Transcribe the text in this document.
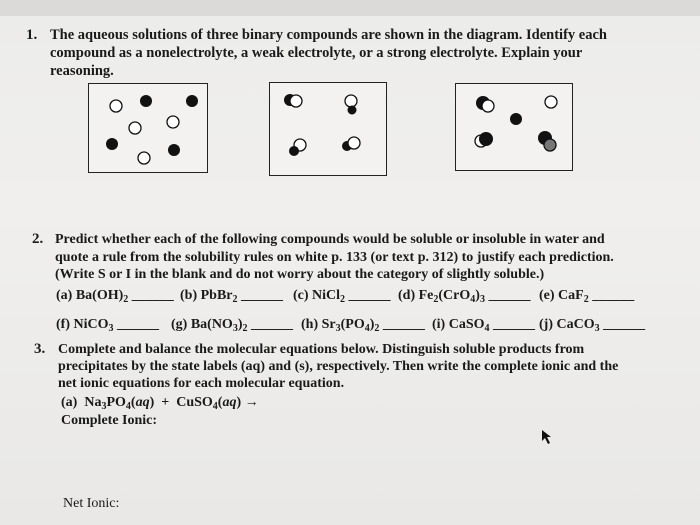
1. The aqueous solutions of three binary compounds are shown in the diagram. Identify each
compound as a nonelectrolyte, a weak electrolyte, or a strong electrolyte. Explain your
reasoning.
2. Predict whether each of the following compounds would be soluble or insoluble in water and
quote a rule from the solubility rules on white p. 133 (or text p. 312) to justify each prediction.
(Write S or I in the blank and do not worry about the category of slightly soluble.)
(a) $Ba(OH)_2$ ______ (b) PbBr$_2$ ______ (c) NiCl$_2$ ______ (d) $Fe_2(CrO_4)_3$ ______ (e) CaF$_2$ ______
(f) NiCO$_3$ ______ (g) $Ba(NO_3)_2$ ______ (h) $Sr_3(PO_4)_2$ ______ (i) CaSO$_4$ ______ (j) CaCO$_3$ ______
3. Complete and balance the molecular equations below. Distinguish soluble products from
precipitates by the state labels (aq) and (s), respectively. Then write the complete ionic and the
net ionic equations for each molecular equation.
(a)  $Na_3PO_4(aq)$  +  CuSO$_4$(aq) →
Complete Ionic:
Net Ionic:
